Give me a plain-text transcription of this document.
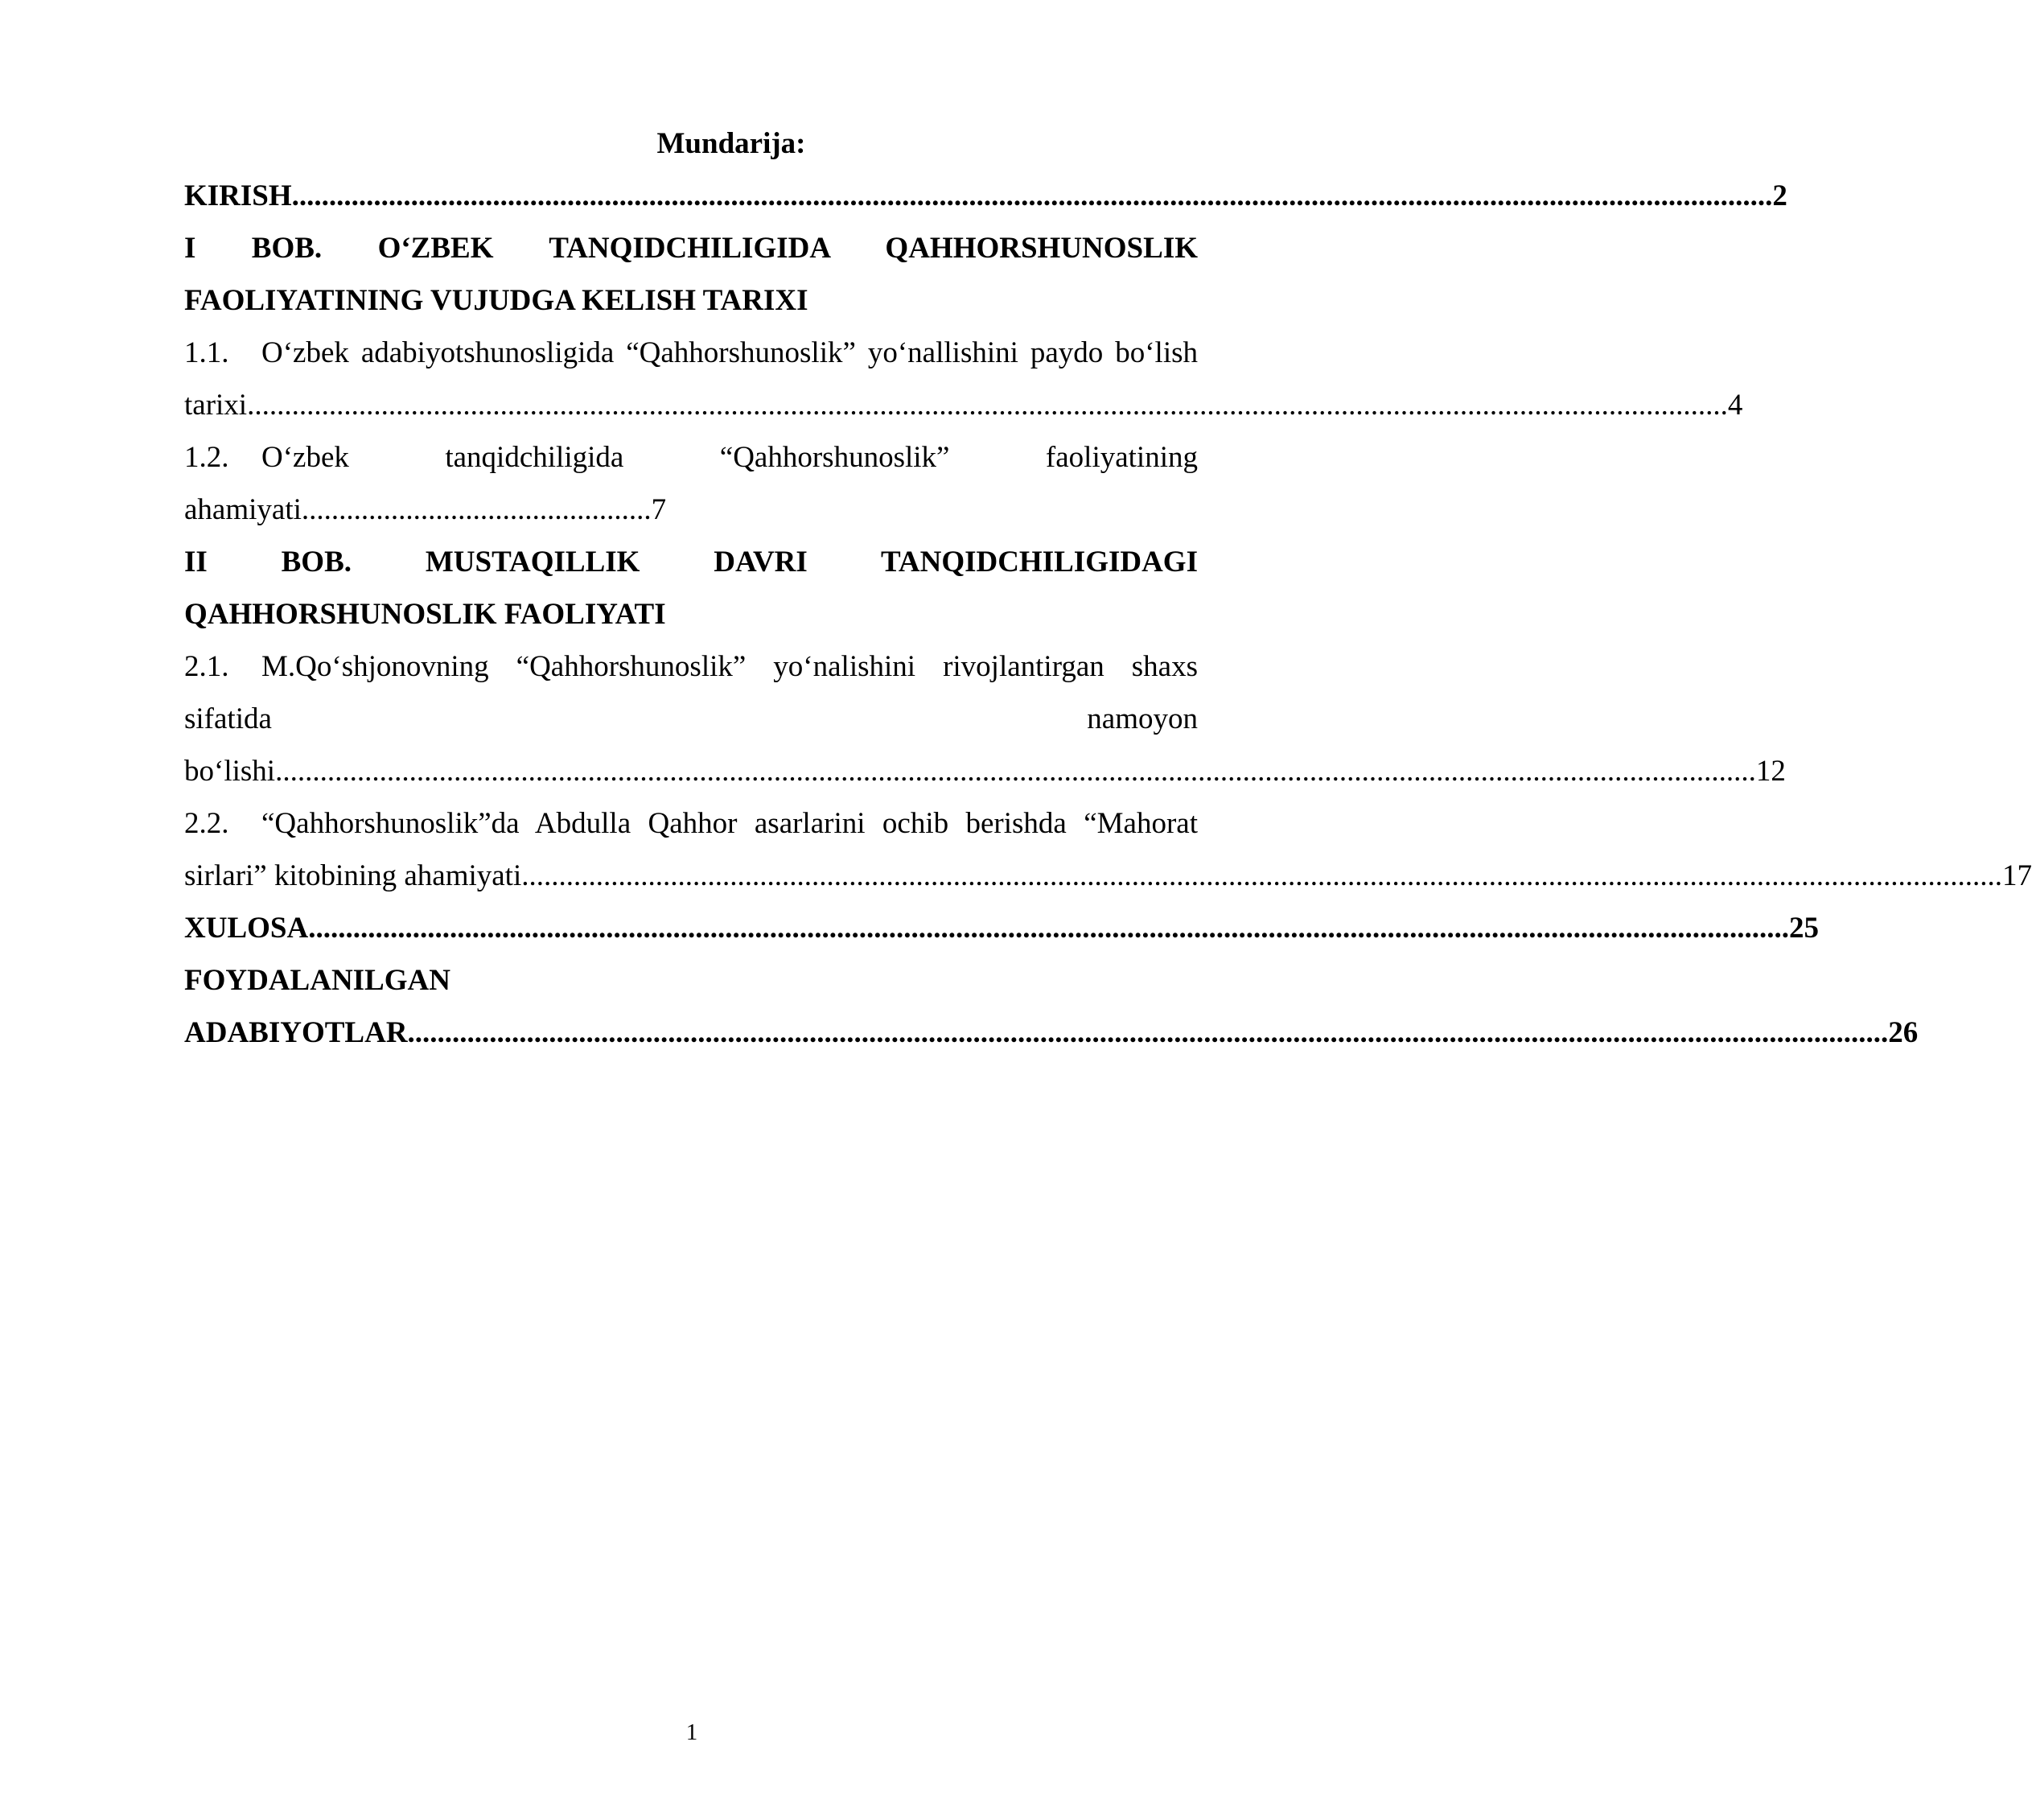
Mundarija:
KIRISH ....................................................................................................................................................................................................... 2
I BOB. O‘ZBEK TANQIDCHILIGIDA QAHHORSHUNOSLIK
FAOLIYATINING VUJUDGA KELISH TARIXI
1.1.	O‘zbek adabiyotshunosligida “Qahhorshunoslik” yo‘nallishini paydo bo‘lish
tarixi ....................................................................................................................................................................................................... 4
1.2.	O‘zbek tanqidchiligida “Qahhorshunoslik” faoliyatining
ahamiyati ............................................... 7
II BOB. MUSTAQILLIK DAVRI TANQIDCHILIGIDAGI
QAHHORSHUNOSLIK FAOLIYATI
2.1.	M.Qo‘shjonovning “Qahhorshunoslik” yo‘nalishini rivojlantirgan shaxs
sifatida namoyon
bo‘lishi ....................................................................................................................................................................................................... 12
2.2.	“Qahhorshunoslik”da Abdulla Qahhor asarlarini ochib berishda “Mahorat
sirlari” kitobining ahamiyati ....................................................................................................................................................................................................... 17
XULOSA ....................................................................................................................................................................................................... 25
FOYDALANILGAN
ADABIYOTLAR ....................................................................................................................................................................................................... 26
1
